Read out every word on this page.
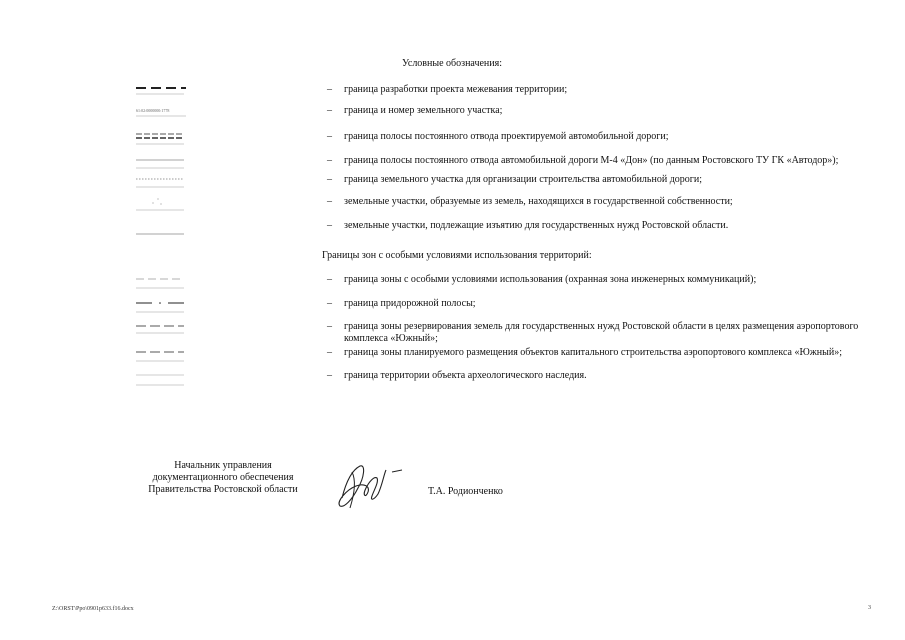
Условные обозначения:
– граница разработки проекта межевания территории;
61:02:0000000:1778	– граница и номер земельного участка;
– граница полосы постоянного отвода проектируемой автомобильной дороги;
– граница полосы постоянного отвода автомобильной дороги М-4 «Дон» (по данным Ростовского ТУ ГК «Автодор»);
– граница земельного участка для организации строительства автомобильной дороги;
– земельные участки, образуемые из земель, находящихся в государственной собственности;
– земельные участки, подлежащие изъятию для государственных нужд Ростовской области.
Границы зон с особыми условиями использования территорий:
– граница зоны с особыми условиями использования (охранная зона инженерных коммуникаций);
– граница придорожной полосы;
– граница зоны резервирования земель для государственных нужд Ростовской области в целях размещения аэропортового комплекса «Южный»;
– граница зоны планируемого размещения объектов капитального строительства аэропортового комплекса «Южный»;
– граница территории объекта археологического наследия.
Начальник управления
документационного обеспечения
Правительства Ростовской области	Т.А. Родионченко
Z:\ORST\Ppo\0901p633.f16.docx	3
